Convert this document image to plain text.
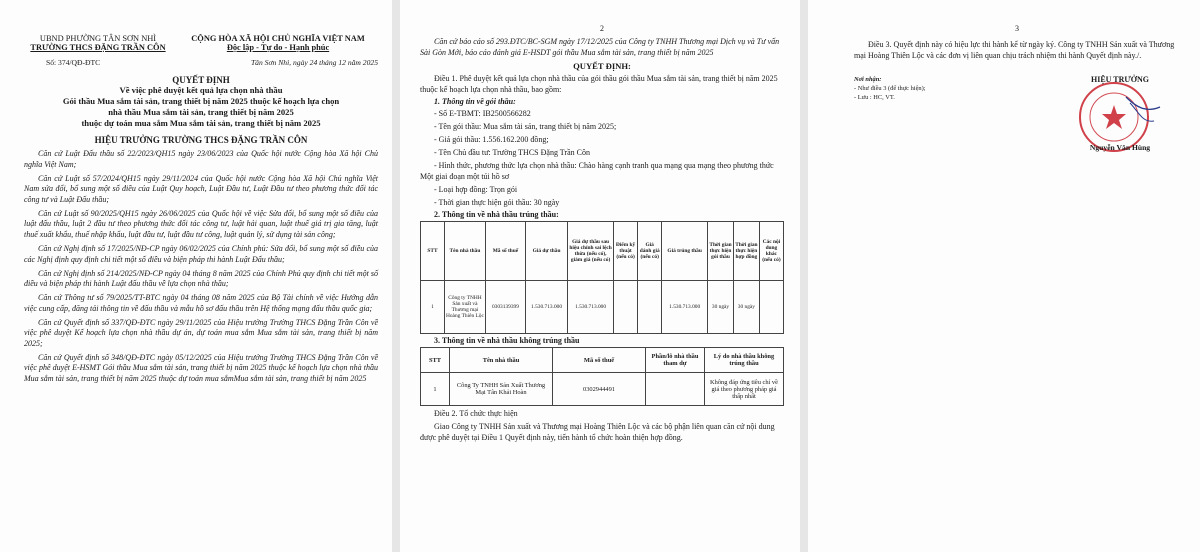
UBND PHƯỜNG TÂN SƠN NHÌ
TRƯỜNG THCS ĐẶNG TRẦN CÔN
CỘNG HÒA XÃ HỘI CHỦ NGHĨA VIỆT NAM
Độc lập - Tự do - Hạnh phúc
Số: 374/QĐ-ĐTC	Tân Sơn Nhì, ngày 24 tháng 12 năm 2025
QUYẾT ĐỊNH
Về việc phê duyệt kết quả lựa chọn nhà thầu
Gói thầu Mua sắm tài sản, trang thiết bị năm 2025 thuộc kế hoạch lựa chọn
nhà thầu Mua sắm tài sản, trang thiết bị năm 2025
thuộc dự toán mua sắm Mua sắm tài sản, trang thiết bị năm 2025
HIỆU TRƯỞNG TRƯỜNG THCS ĐẶNG TRẦN CÔN

Căn cứ Luật Đấu thầu số 22/2023/QH15 ngày 23/06/2023 của Quốc hội nước Cộng hòa Xã hội Chủ nghĩa Việt Nam;

Căn cứ Luật số 57/2024/QH15 ngày 29/11/2024 của Quốc hội nước Cộng hòa Xã hội Chủ nghĩa Việt Nam sửa đổi, bổ sung một số điều của Luật Quy hoạch, Luật Đầu tư, Luật Đầu tư theo phương thức đối tác công tư và Luật Đấu thầu;

Căn cứ Luật số 90/2025/QH15 ngày 26/06/2025 của Quốc hội về việc Sửa đổi, bổ sung một số điều của luật đấu thầu, luật 2 đầu tư theo phương thức đối tác công tư, luật hải quan, luật thuế giá trị gia tăng, luật thuế xuất khẩu, thuế nhập khẩu, luật đầu tư, luật đầu tư công, luật quản lý, sử dụng tài sản công;

Căn cứ Nghị định số 17/2025/NĐ-CP ngày 06/02/2025 của Chính phủ: Sửa đổi, bổ sung một số điều của các Nghị định quy định chi tiết một số điều và biện pháp thi hành Luật Đấu thầu;

Căn cứ Nghị định số 214/2025/NĐ-CP ngày 04 tháng 8 năm 2025 của Chính Phủ quy định chi tiết một số điều và biện pháp thi hành Luật đấu thầu về lựa chọn nhà thầu;

Căn cứ Thông tư số 79/2025/TT-BTC ngày 04 tháng 08 năm 2025 của Bộ Tài chính về việc Hướng dẫn việc cung cấp, đăng tải thông tin về đấu thầu và mẫu hồ sơ đấu thầu trên Hệ thống mạng đấu thầu quốc gia;

Căn cứ Quyết định số 337/QĐ-ĐTC ngày 29/11/2025 của Hiệu trưởng Trường THCS Đặng Trần Côn về việc phê duyệt Kế hoạch lựa chọn nhà thầu dự án, dự toán mua sắm Mua sắm tài sản, trang thiết bị năm 2025;

Căn cứ Quyết định số 348/QĐ-ĐTC ngày 05/12/2025 của Hiệu trưởng Trường THCS Đặng Trần Côn về việc phê duyệt E-HSMT Gói thầu Mua sắm tài sản, trang thiết bị năm 2025 thuộc kế hoạch lựa chọn nhà thầu Mua sắm tài sản, trang thiết bị năm 2025 thuộc dự toán mua sắmMua sắm tài sản, trang thiết bị năm 2025

2
Căn cứ báo cáo số 293.ĐTC/BC-SGM ngày 17/12/2025 của Công ty TNHH Thương mại Dịch vụ và Tư vấn Sài Gòn Mới, báo cáo đánh giá E-HSDT gói thầu Mua sắm tài sản, trang thiết bị năm 2025
QUYẾT ĐỊNH:
Điều 1. Phê duyệt kết quả lựa chọn nhà thầu của gói thầu gói thầu Mua sắm tài sản, trang thiết bị năm 2025 thuộc kế hoạch lựa chọn nhà thầu, bao gồm:
1. Thông tin về gói thầu:
- Số E-TBMT: IB2500566282
- Tên gói thầu: Mua sắm tài sản, trang thiết bị năm 2025;
- Giá gói thầu: 1.556.162.200 đồng;
- Tên Chủ đầu tư: Trường THCS Đặng Trần Côn
- Hình thức, phương thức lựa chọn nhà thầu: Chào hàng cạnh tranh qua mạng qua mạng theo phương thức Một giai đoạn một túi hồ sơ
- Loại hợp đồng: Trọn gói
- Thời gian thực hiện gói thầu: 30 ngày
2. Thông tin về nhà thầu trúng thầu:
STT	Tên nhà thầu	Mã số thuế	Giá dự thầu	Giá dự thầu sau hiệu chỉnh sai lệch thừa (nếu có), giảm giá (nếu có)	Điểm kỹ thuật (nếu có)	Giá đánh giá (nếu có)	Giá trúng thầu	Thời gian thực hiện gói thầu	Thời gian thực hiện hợp đồng	Các nội dung khác (nếu có)
1	Công ty TNHH Sản xuất và Thương mại Hoàng Thiên Lộc	0303139399	1.530.713.000	1.530.713.000			1.530.713.000	30 ngày	30 ngày	
3. Thông tin về nhà thầu không trúng thầu
STT	Tên nhà thầu	Mã số thuế	Phần/lô nhà thầu tham dự	Lý do nhà thầu không trúng thầu
1	Công Ty TNHH Sản Xuất Thương Mại Tân Khải Hoàn	0302944491		Không đáp ứng tiêu chí về giá theo phương pháp giá thấp nhất
Điều 2. Tổ chức thực hiện
Giao Công ty TNHH Sản xuất và Thương mại Hoàng Thiên Lộc và các bộ phận liên quan căn cứ nội dung được phê duyệt tại Điều 1 Quyết định này, tiến hành tổ chức hoàn thiện hợp đồng.
3
Điều 3. Quyết định này có hiệu lực thi hành kể từ ngày ký. Công ty TNHH Sản xuất và Thương mại Hoàng Thiên Lộc và các đơn vị liên quan chịu trách nhiệm thi hành Quyết định này./.
Nơi nhận:
- Như điều 3 (để thực hiện);
- Lưu : HC, VT.
HIỆU TRƯỞNG
Nguyễn Văn Hùng
